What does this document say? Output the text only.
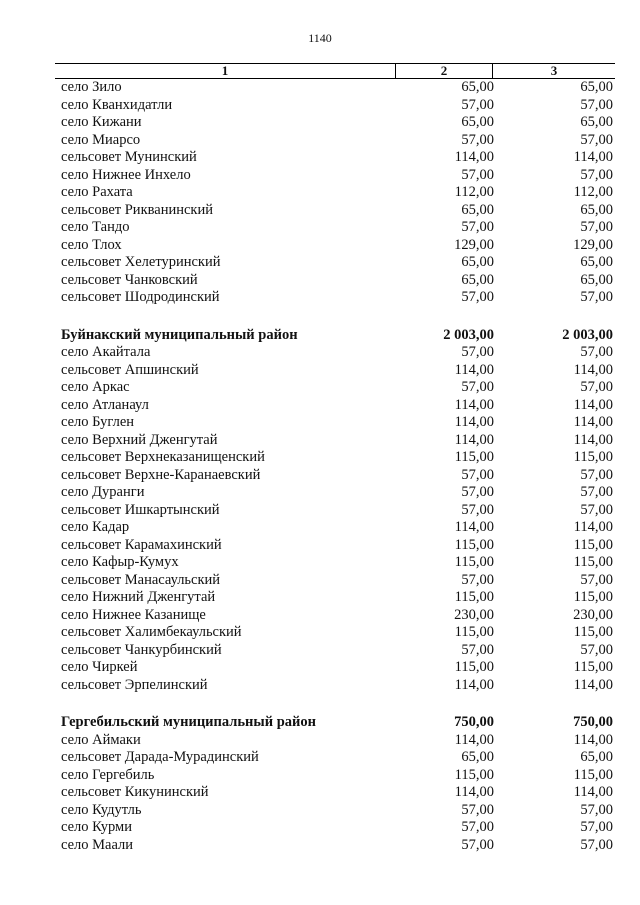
1140
1	2	3
село Зило	65,00	65,00
село Кванхидатли	57,00	57,00
село Кижани	65,00	65,00
село Миарсо	57,00	57,00
сельсовет Мунинский	114,00	114,00
село Нижнее Инхело	57,00	57,00
село Рахата	112,00	112,00
сельсовет Рикванинский	65,00	65,00
село Тандо	57,00	57,00
село Тлох	129,00	129,00
сельсовет Хелетуринский	65,00	65,00
сельсовет Чанковский	65,00	65,00
сельсовет Шодродинский	57,00	57,00
Буйнакский муниципальный район	2 003,00	2 003,00
село Акайтала	57,00	57,00
сельсовет Апшинский	114,00	114,00
село Аркас	57,00	57,00
село Атланаул	114,00	114,00
село Буглен	114,00	114,00
село Верхний Дженгутай	114,00	114,00
сельсовет Верхнеказанищенский	115,00	115,00
сельсовет Верхне-Каранаевский	57,00	57,00
село Дуранги	57,00	57,00
сельсовет Ишкартынский	57,00	57,00
село Кадар	114,00	114,00
сельсовет Карамахинский	115,00	115,00
село Кафыр-Кумух	115,00	115,00
сельсовет Манасаульский	57,00	57,00
село Нижний Дженгутай	115,00	115,00
село Нижнее Казанище	230,00	230,00
сельсовет Халимбекаульский	115,00	115,00
сельсовет Чанкурбинский	57,00	57,00
село Чиркей	115,00	115,00
сельсовет Эрпелинский	114,00	114,00
Гергебильский муниципальный район	750,00	750,00
село Аймаки	114,00	114,00
сельсовет Дарада-Мурадинский	65,00	65,00
село Гергебиль	115,00	115,00
сельсовет Кикунинский	114,00	114,00
село Кудутль	57,00	57,00
село Курми	57,00	57,00
село Маали	57,00	57,00
